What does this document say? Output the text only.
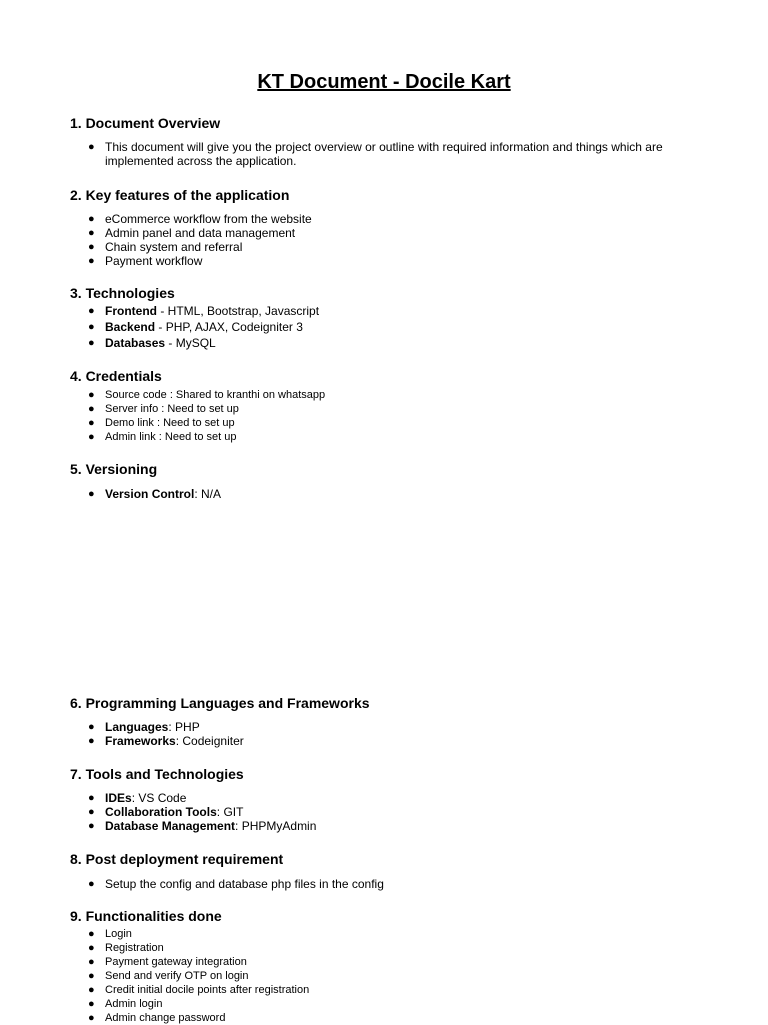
KT Document - Docile Kart
1. Document Overview
● This document will give you the project overview or outline with required information and things which are implemented across the application.
2. Key features of the application
● eCommerce workflow from the website
● Admin panel and data management
● Chain system and referral
● Payment workflow
3. Technologies
● Frontend - HTML, Bootstrap, Javascript
● Backend - PHP, AJAX, Codeigniter 3
● Databases - MySQL
4. Credentials
● Source code : Shared to kranthi on whatsapp
● Server info : Need to set up
● Demo link : Need to set up
● Admin link : Need to set up
5. Versioning
● Version Control: N/A
6. Programming Languages and Frameworks
● Languages: PHP
● Frameworks: Codeigniter
7. Tools and Technologies
● IDEs: VS Code
● Collaboration Tools: GIT
● Database Management: PHPMyAdmin
8. Post deployment requirement
● Setup the config and database php files in the config
9. Functionalities done
● Login
● Registration
● Payment gateway integration
● Send and verify OTP on login
● Credit initial docile points after registration
● Admin login
● Admin change password
